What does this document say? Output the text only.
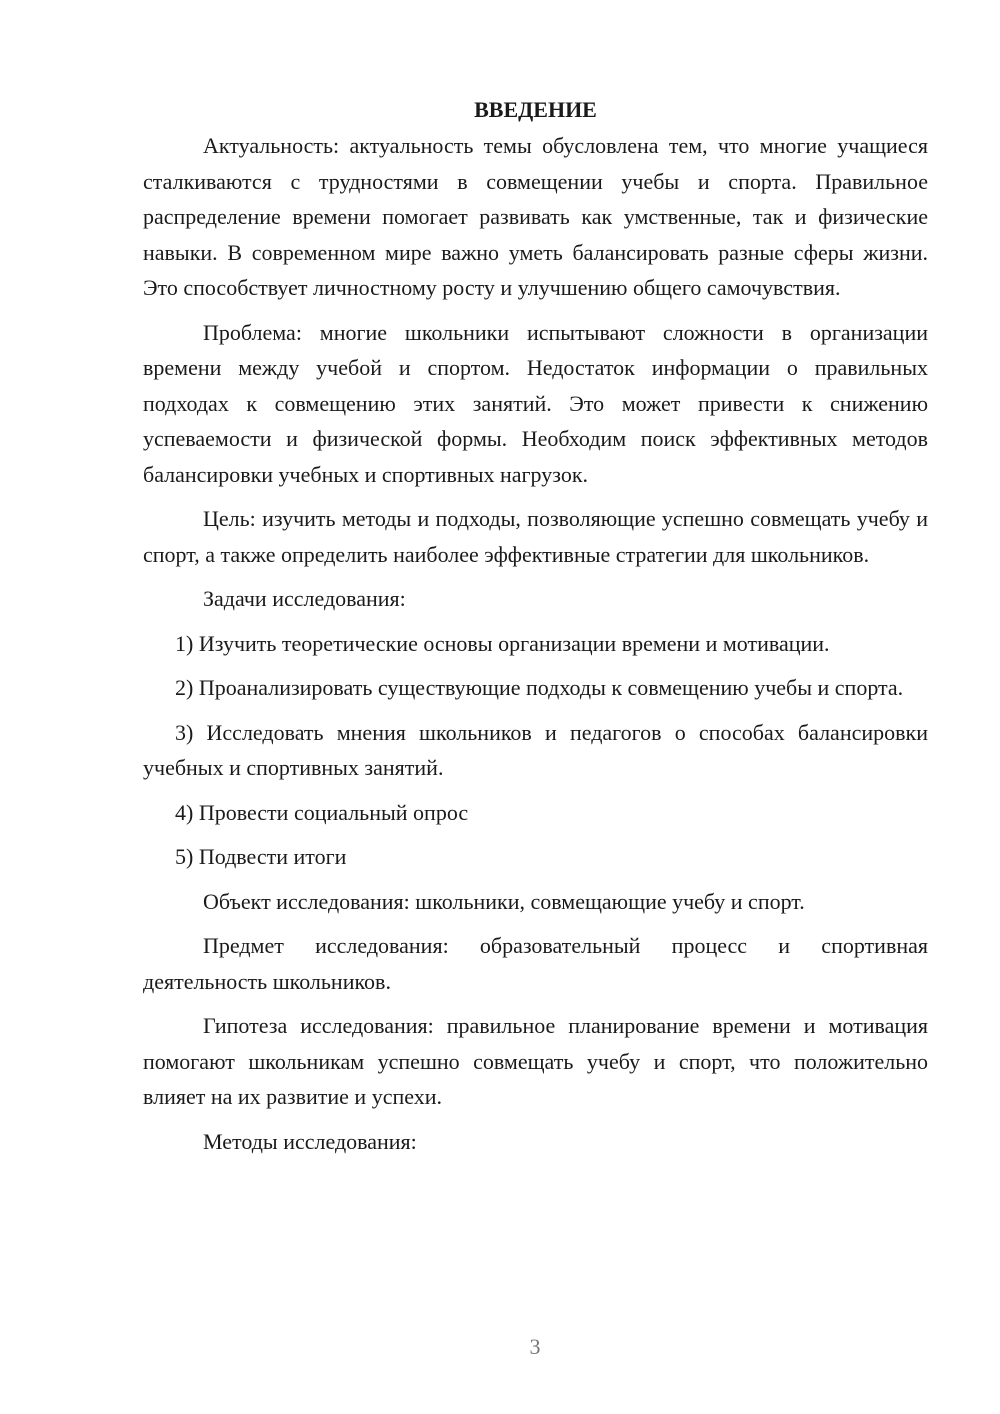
ВВЕДЕНИЕ

Актуальность: актуальность темы обусловлена тем, что многие учащиеся сталкиваются с трудностями в совмещении учебы и спорта. Правильное распределение времени помогает развивать как умственные, так и физические навыки. В современном мире важно уметь балансировать разные сферы жизни. Это способствует личностному росту и улучшению общего самочувствия.

Проблема: многие школьники испытывают сложности в организации времени между учебой и спортом. Недостаток информации о правильных подходах к совмещению этих занятий. Это может привести к снижению успеваемости и физической формы. Необходим поиск эффективных методов балансировки учебных и спортивных нагрузок.

Цель: изучить методы и подходы, позволяющие успешно совмещать учебу и спорт, а также определить наиболее эффективные стратегии для школьников.

Задачи исследования:

1) Изучить теоретические основы организации времени и мотивации.

2) Проанализировать существующие подходы к совмещению учебы и спорта.

3) Исследовать мнения школьников и педагогов о способах балансировки учебных и спортивных занятий.

4) Провести социальный опрос

5) Подвести итоги

Объект исследования: школьники, совмещающие учебу и спорт.

Предмет исследования: образовательный процесс и спортивная деятельность школьников.

Гипотеза исследования: правильное планирование времени и мотивация помогают школьникам успешно совмещать учебу и спорт, что положительно влияет на их развитие и успехи.

Методы исследования:

3
